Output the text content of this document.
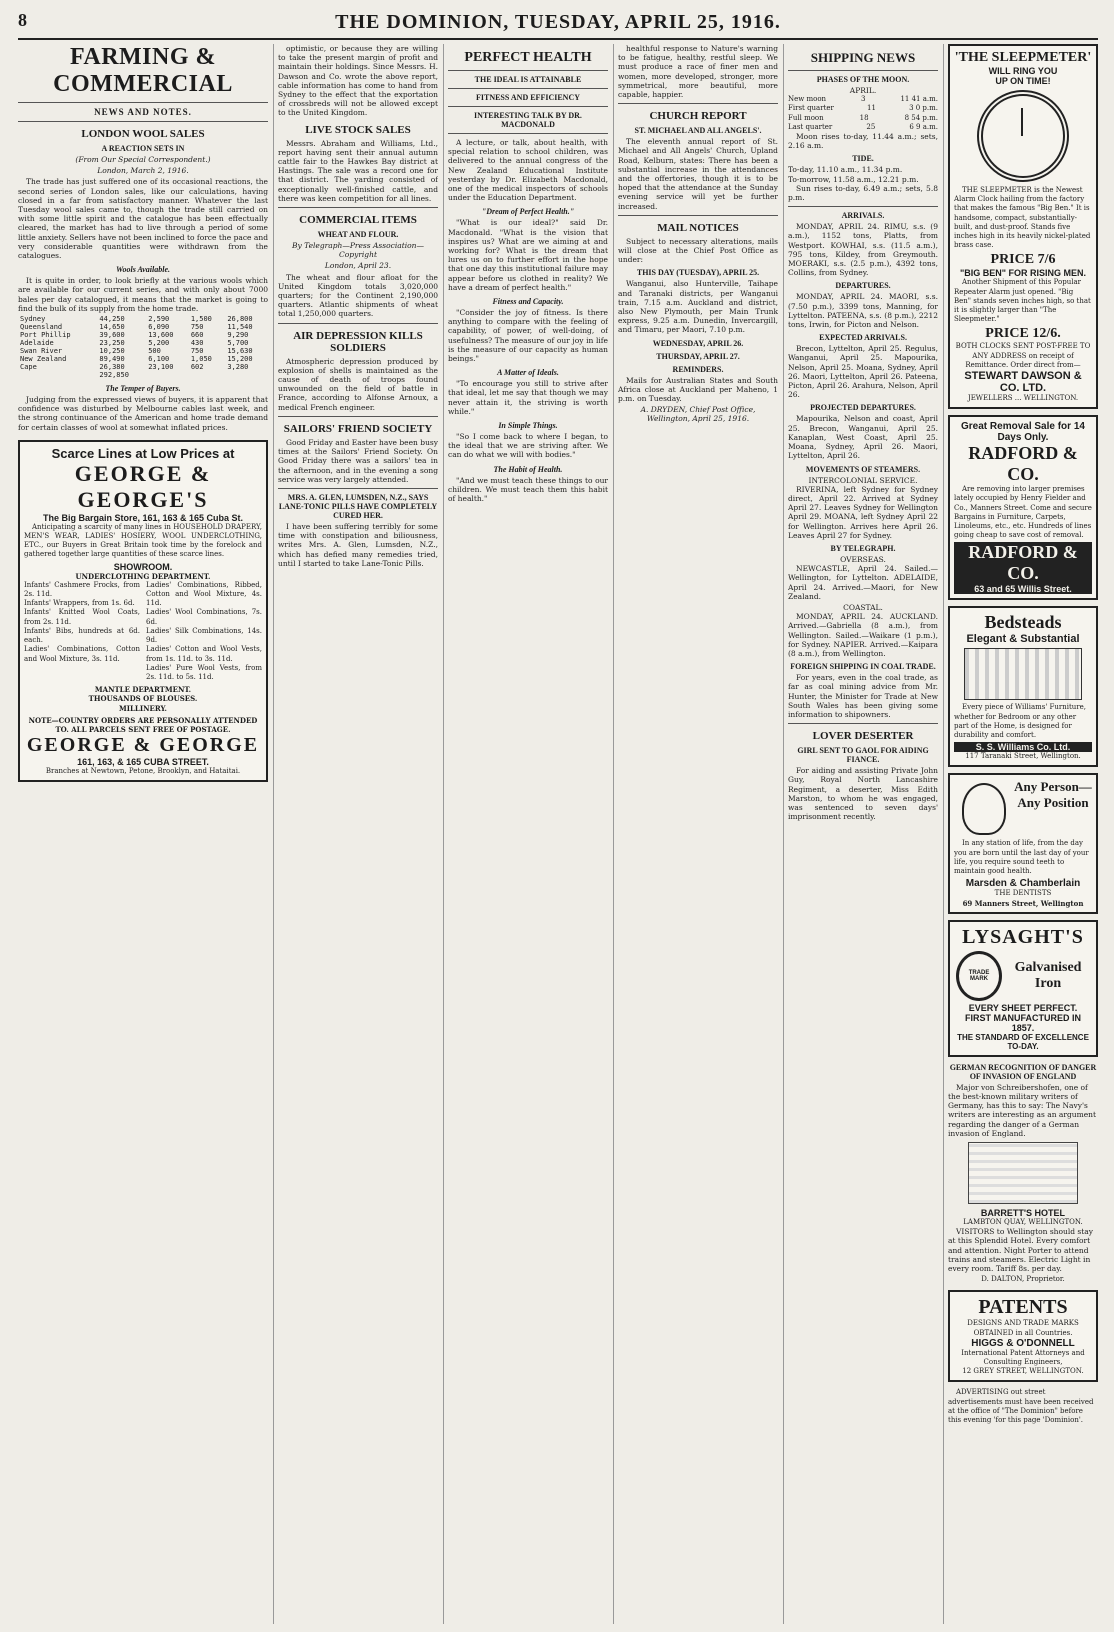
8	THE DOMINION, TUESDAY, APRIL 25, 1916.
FARMING & COMMERCIAL
NEWS AND NOTES.
LONDON WOOL SALES
A REACTION SETS IN
(From Our Special Correspondent.)
London, March 2, 1916.

The trade has just suffered one of its occasional reactions, the second series of London sales, like our calculations, having closed in a far from satisfactory manner. Whatever the last Tuesday wool sales came to, though the trade still carried on with some little spirit and the catalogue has been effectually cleared, the market has had to live through a period of some little anxiety. Sellers have not been inclined to force the pace and very considerable quantities were withdrawn from the catalogues.

Wools Available.

It is quite in order, to look briefly at the various wools which are available for our current series, and with only about 7000 bales per day catalogued, it means that the market is going to find the bulk of its supply from the home trade.

Sydney	44,250	2,590	1,500	26,800
Queensland	14,650	6,090	750	11,540
Port Phillip	39,600	13,600	660	9,290
Adelaide	23,250	5,200	430	5,700
Swan River	10,250	500	750	15,630
New Zealand	89,490	6,100	1,050	15,200
Cape	26,380	23,100	602	3,280
	292,850			
The Temper of Buyers.

Judging from the expressed views of buyers, it is apparent that confidence was disturbed by Melbourne cables last week, and the strong continuance of the American and home trade demand for certain classes of wool at somewhat inflated prices.

Scarce Lines at Low Prices at
GEORGE & GEORGE'S
The Big Bargain Store, 161, 163 & 165 Cuba St.

Anticipating a scarcity of many lines in HOUSEHOLD DRAPERY, MEN'S WEAR, LADIES' HOSIERY, WOOL UNDERCLOTHING, ETC., our Buyers in Great Britain took time by the forelock and gathered together large quantities of these scarce lines.

SHOWROOM.
UNDERCLOTHING DEPARTMENT.
Infants' Cashmere Frocks, from 2s. 11d.
Infants' Wrappers, from 1s. 6d.
Infants' Knitted Wool Coats, from 2s. 11d.
Infants' Bibs, hundreds at 6d. each.
Ladies' Combinations, Cotton and Wool Mixture, 3s. 11d.
Ladies' Combinations, Ribbed, Cotton and Wool Mixture, 4s. 11d.
Ladies' Wool Combinations, 7s. 6d.
Ladies' Silk Combinations, 14s. 9d.
Ladies' Cotton and Wool Vests, from 1s. 11d. to 3s. 11d.
Ladies' Pure Wool Vests, from 2s. 11d. to 5s. 11d.
MANTLE DEPARTMENT.
THOUSANDS OF BLOUSES.
MILLINERY.
NOTE—COUNTRY ORDERS ARE PERSONALLY ATTENDED TO. ALL PARCELS SENT FREE OF POSTAGE.
GEORGE & GEORGE
161, 163, & 165 CUBA STREET.
Branches at Newtown, Petone, Brooklyn, and Hataitai.

optimistic, or because they are willing to take the present margin of profit and maintain their holdings. Since Messrs. H. Dawson and Co. wrote the above report, cable information has come to hand from Sydney to the effect that the exportation of crossbreds will not be allowed except to the United Kingdom.

LIVE STOCK SALES

Messrs. Abraham and Williams, Ltd., report having sent their annual autumn cattle fair to the Hawkes Bay district at Hastings. The sale was a record one for that district. The yarding consisted of exceptionally well-finished cattle, and there was keen competition for all lines.

COMMERCIAL ITEMS
WHEAT AND FLOUR.
By Telegraph—Press Association—Copyright
London, April 23.

The wheat and flour afloat for the United Kingdom totals 3,020,000 quarters; for the Continent 2,190,000 quarters. Atlantic shipments of wheat total 1,250,000 quarters.

AIR DEPRESSION KILLS SOLDIERS

Atmospheric depression produced by explosion of shells is maintained as the cause of death of troops found unwounded on the field of battle in France, according to Alfonse Arnoux, a medical French engineer.

SAILORS' FRIEND SOCIETY

Good Friday and Easter have been busy times at the Sailors' Friend Society. On Good Friday there was a sailors' tea in the afternoon, and in the evening a song service was very largely attended.

MRS. A. GLEN, LUMSDEN, N.Z., SAYS LANE-TONIC PILLS HAVE COMPLETELY CURED HER.

I have been suffering terribly for some time with constipation and biliousness, writes Mrs. A. Glen, Lumsden, N.Z., which has defied many remedies tried, until I started to take Lane-Tonic Pills.

PERFECT HEALTH
THE IDEAL IS ATTAINABLE
FITNESS AND EFFICIENCY
INTERESTING TALK BY DR. MACDONALD

A lecture, or talk, about health, with special relation to school children, was delivered to the annual congress of the New Zealand Educational Institute yesterday by Dr. Elizabeth Macdonald, one of the medical inspectors of schools under the Education Department.

"Dream of Perfect Health."

"What is our ideal?" said Dr. Macdonald. "What is the vision that inspires us? What are we aiming at and working for? What is the dream that lures us on to further effort in the hope that one day this institutional failure may appear before us clothed in reality? We have a dream of perfect health."

Fitness and Capacity.

"Consider the joy of fitness. Is there anything to compare with the feeling of capability, of power, of well-doing, of usefulness? The measure of our joy in life is the measure of our capacity as human beings."

A Matter of Ideals.

"To encourage you still to strive after that ideal, let me say that though we may never attain it, the striving is worth while."

In Simple Things.

"So I come back to where I began, to the ideal that we are striving after. We can do what we will with bodies."

The Habit of Health.

"And we must teach these things to our children. We must teach them this habit of health."

healthful response to Nature's warning to be fatigue, healthy, restful sleep. We must produce a race of finer men and women, more developed, stronger, more symmetrical, more beautiful, more capable, happier.

CHURCH REPORT
ST. MICHAEL AND ALL ANGELS'.

The eleventh annual report of St. Michael and All Angels' Church, Upland Road, Kelburn, states: There has been a substantial increase in the attendances and the offertories, though it is to be hoped that the attendance at the Sunday evening service will yet be further increased.

MAIL NOTICES

Subject to necessary alterations, mails will close at the Chief Post Office as under:

THIS DAY (TUESDAY), APRIL 25.

Wanganui, also Hunterville, Taihape and Taranaki districts, per Wanganui train, 7.15 a.m. Auckland and district, also New Plymouth, per Main Trunk express, 9.25 a.m. Dunedin, Invercargill, and Timaru, per Maori, 7.10 p.m.

WEDNESDAY, APRIL 26.
THURSDAY, APRIL 27.
REMINDERS.

Mails for Australian States and South Africa close at Auckland per Maheno, 1 p.m. on Tuesday.

A. DRYDEN, Chief Post Office, Wellington, April 25, 1916.
SHIPPING NEWS
PHASES OF THE MOON.
APRIL.
New moon	3	11 41 a.m.
First quarter	11	3 0 p.m.
Full moon	18	8 54 p.m.
Last quarter	25	6 9 a.m.

Moon rises to-day, 11.44 a.m.; sets, 2.16 a.m.

TIDE.
To-day, 11.10 a.m., 11.34 p.m.
To-morrow, 11.58 a.m., 12.21 p.m.

Sun rises to-day, 6.49 a.m.; sets, 5.8 p.m.

ARRIVALS.

MONDAY, APRIL 24. RIMU, s.s. (9 a.m.), 1152 tons, Platts, from Westport. KOWHAI, s.s. (11.5 a.m.), 795 tons, Kildey, from Greymouth. MOERAKI, s.s. (2.5 p.m.), 4392 tons, Collins, from Sydney.

DEPARTURES.

MONDAY, APRIL 24. MAORI, s.s. (7.50 p.m.), 3399 tons, Manning, for Lyttelton. PATEENA, s.s. (8 p.m.), 2212 tons, Irwin, for Picton and Nelson.

EXPECTED ARRIVALS.

Brecon, Lyttelton, April 25. Regulus, Wanganui, April 25. Mapourika, Nelson, April 25. Moana, Sydney, April 26. Maori, Lyttelton, April 26. Pateena, Picton, April 26. Arahura, Nelson, April 26.

PROJECTED DEPARTURES.

Mapourika, Nelson and coast, April 25. Brecon, Wanganui, April 25. Kanaplan, West Coast, April 25. Moana, Sydney, April 26. Maori, Lyttelton, April 26.

MOVEMENTS OF STEAMERS.
INTERCOLONIAL SERVICE.

RIVERINA, left Sydney for Sydney direct, April 22. Arrived at Sydney April 27. Leaves Sydney for Wellington April 29. MOANA, left Sydney April 22 for Wellington. Arrives here April 26. Leaves April 27 for Sydney.

BY TELEGRAPH.
OVERSEAS.

NEWCASTLE, April 24. Sailed.—Wellington, for Lyttelton. ADELAIDE, April 24. Arrived.—Maori, for New Zealand.

COASTAL.

MONDAY, APRIL 24. AUCKLAND. Arrived.—Gabriella (8 a.m.), from Wellington. Sailed.—Waikare (1 p.m.), for Sydney. NAPIER. Arrived.—Kaipara (8 a.m.), from Wellington.

FOREIGN SHIPPING IN COAL TRADE.

For years, even in the coal trade, as far as coal mining advice from Mr. Hunter, the Minister for Trade at New South Wales has been giving some information to shipowners.

LOVER DESERTER
GIRL SENT TO GAOL FOR AIDING FIANCE.

For aiding and assisting Private John Guy, Royal North Lancashire Regiment, a deserter, Miss Edith Marston, to whom he was engaged, was sentenced to seven days' imprisonment recently.

'THE SLEEPMETER'
WILL RING YOU
UP ON TIME!

THE SLEEPMETER is the Newest Alarm Clock hailing from the factory that makes the famous "Big Ben." It is handsome, compact, substantially-built, and dust-proof. Stands five inches high in its heavily nickel-plated brass case.

PRICE 7/6
"BIG BEN" FOR RISING MEN.

Another Shipment of this Popular Repeater Alarm just opened. "Big Ben" stands seven inches high, so that it is slightly larger than "The Sleepmeter."

PRICE 12/6.
BOTH CLOCKS SENT POST-FREE TO ANY ADDRESS on receipt of Remittance. Order direct from—
STEWART DAWSON & CO. LTD.
JEWELLERS ... WELLINGTON.
Great Removal Sale for 14 Days Only.
RADFORD & CO.

Are removing into larger premises lately occupied by Henry Fielder and Co., Manners Street. Come and secure Bargains in Furniture, Carpets, Linoleums, etc., etc. Hundreds of lines going cheap to save cost of removal.

RADFORD & CO.
63 and 65 Willis Street.
Bedsteads
Elegant & Substantial

Every piece of Williams' Furniture, whether for Bedroom or any other part of the Home, is designed for durability and comfort.

S. S. Williams Co. Ltd.
117 Taranaki Street, Wellington.
Any Person—
Any Position

In any station of life, from the day you are born until the last day of your life, you require sound teeth to maintain good health.

Marsden & Chamberlain
THE DENTISTS
69 Manners Street, Wellington
LYSAGHT'S
TRADE MARK
Galvanised Iron
EVERY SHEET PERFECT.
FIRST MANUFACTURED IN 1857.
THE STANDARD OF EXCELLENCE TO-DAY.
GERMAN RECOGNITION OF DANGER OF INVASION OF ENGLAND

Major von Schreibershofen, one of the best-known military writers of Germany, has this to say: The Navy's writers are interesting as an argument regarding the danger of a German invasion of England.

BARRETT'S HOTEL
LAMBTON QUAY, WELLINGTON.

VISITORS to Wellington should stay at this Splendid Hotel. Every comfort and attention. Night Porter to attend trains and steamers. Electric Light in every room. Tariff 8s. per day.

D. DALTON, Proprietor.
PATENTS
DESIGNS AND TRADE MARKS OBTAINED in all Countries.
HIGGS & O'DONNELL
International Patent Attorneys and Consulting Engineers,
12 GREY STREET, WELLINGTON.

ADVERTISING out street advertisements must have been received at the office of "The Dominion" before this evening 'for this page 'Dominion'.
